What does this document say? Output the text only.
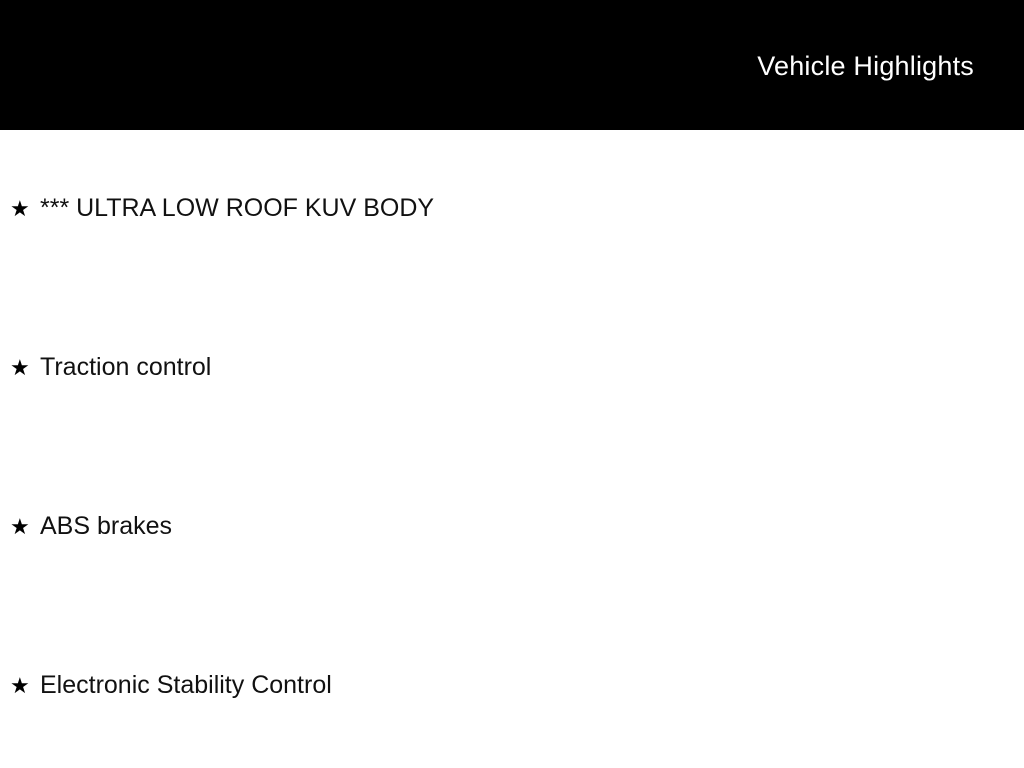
Vehicle Highlights
★ *** ULTRA LOW ROOF KUV BODY
★ Traction control
★ ABS brakes
★ Electronic Stability Control
